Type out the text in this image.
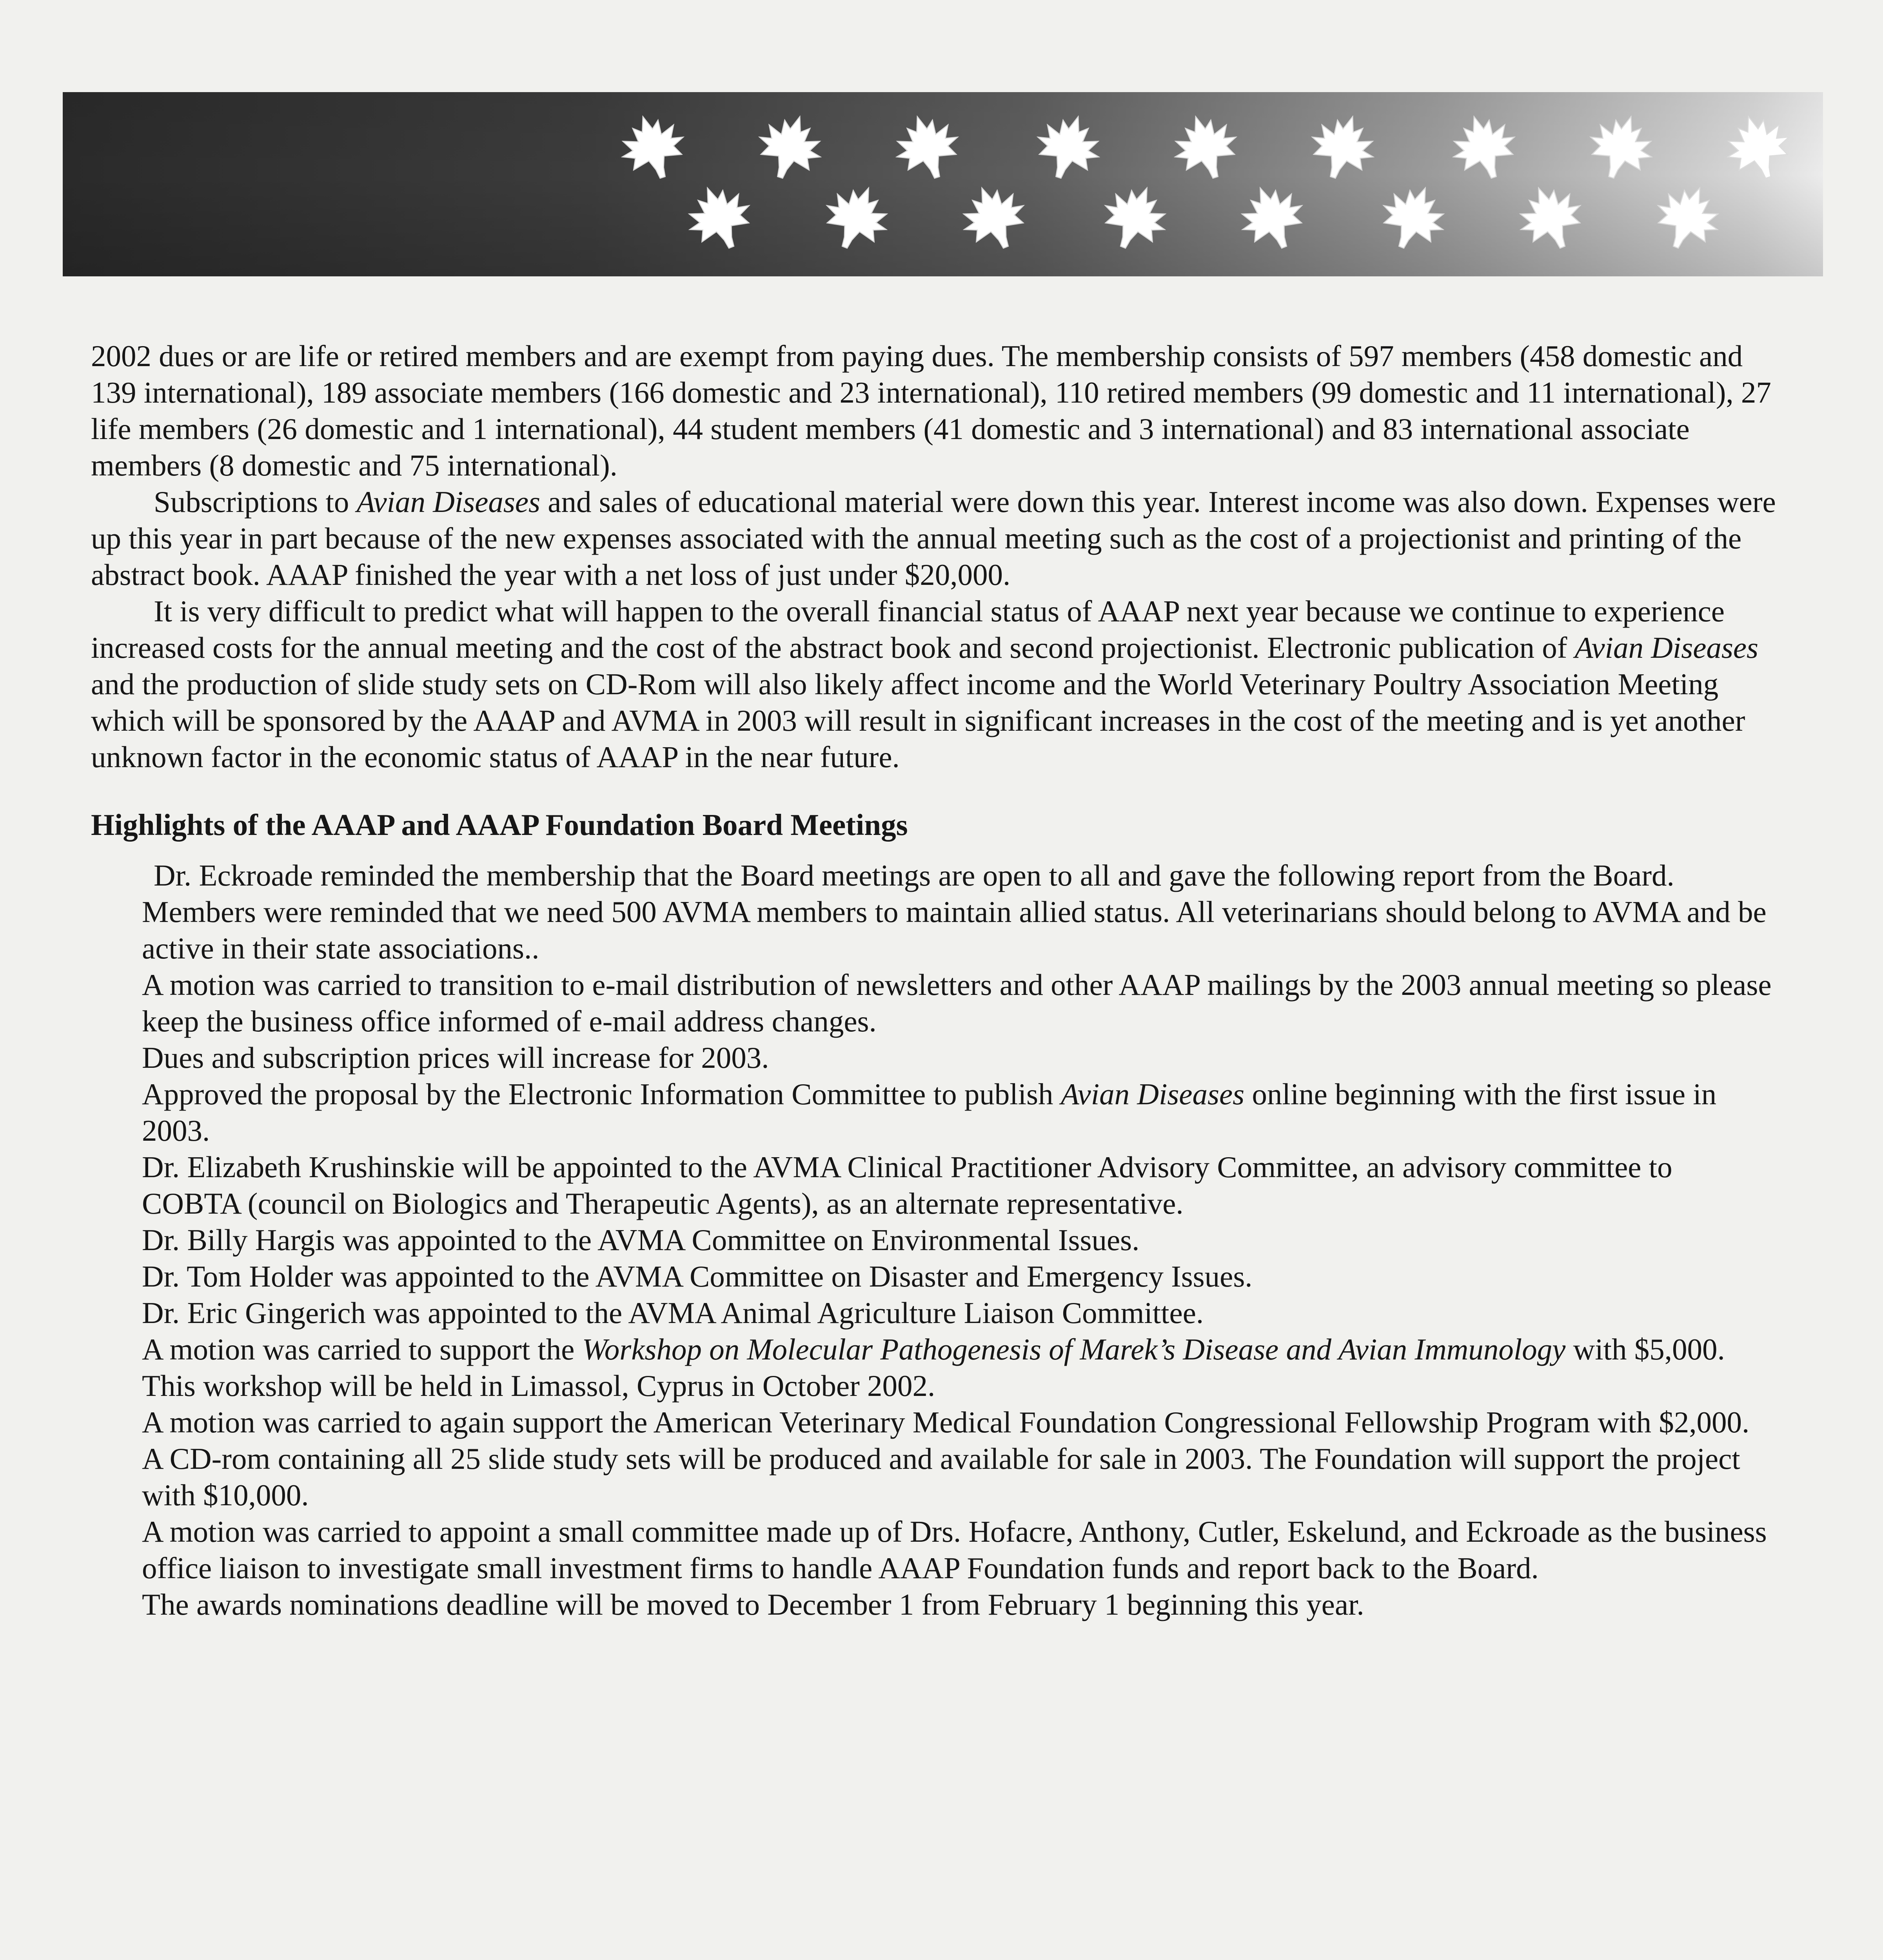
2002 dues or are life or retired members and are exempt from paying dues. The membership consists of 597 members (458 domestic and 139 international), 189 associate members (166 domestic and 23 international), 110 retired members (99 domestic and 11 international), 27 life members (26 domestic and 1 international), 44 student members (41 domestic and 3 international) and 83 international associate members (8 domestic and 75 international).

Subscriptions to Avian Diseases and sales of educational material were down this year. Interest income was also down. Expenses were up this year in part because of the new expenses associated with the annual meeting such as the cost of a projectionist and printing of the abstract book. AAAP finished the year with a net loss of just under $20,000.

It is very difficult to predict what will happen to the overall financial status of AAAP next year because we continue to experience increased costs for the annual meeting and the cost of the abstract book and second projectionist. Electronic publication of Avian Diseases and the production of slide study sets on CD-Rom will also likely affect income and the World Veterinary Poultry Association Meeting which will be sponsored by the AAAP and AVMA in 2003 will result in significant increases in the cost of the meeting and is yet another unknown factor in the economic status of AAAP in the near future.

Highlights of the AAAP and AAAP Foundation Board Meetings

Dr. Eckroade reminded the membership that the Board meetings are open to all and gave the following report from the Board.

Members were reminded that we need 500 AVMA members to maintain allied status. All veterinarians should belong to AVMA and be active in their state associations..

A motion was carried to transition to e-mail distribution of newsletters and other AAAP mailings by the 2003 annual meeting so please keep the business office informed of e-mail address changes.

Dues and subscription prices will increase for 2003.

Approved the proposal by the Electronic Information Committee to publish Avian Diseases online beginning with the first issue in 2003.

Dr. Elizabeth Krushinskie will be appointed to the AVMA Clinical Practitioner Advisory Committee, an advisory committee to COBTA (council on Biologics and Therapeutic Agents), as an alternate representative.

Dr. Billy Hargis was appointed to the AVMA Committee on Environmental Issues.

Dr. Tom Holder was appointed to the AVMA Committee on Disaster and Emergency Issues.

Dr. Eric Gingerich was appointed to the AVMA Animal Agriculture Liaison Committee.

A motion was carried to support the Workshop on Molecular Pathogenesis of Marek’s Disease and Avian Immunology with $5,000. This workshop will be held in Limassol, Cyprus in October 2002.

A motion was carried to again support the American Veterinary Medical Foundation Congressional Fellowship Program with $2,000.

A CD-rom containing all 25 slide study sets will be produced and available for sale in 2003. The Foundation will support the project with $10,000.

A motion was carried to appoint a small committee made up of Drs. Hofacre, Anthony, Cutler, Eskelund, and Eckroade as the business office liaison to investigate small investment firms to handle AAAP Foundation funds and report back to the Board.

The awards nominations deadline will be moved to December 1 from February 1 beginning this year.
